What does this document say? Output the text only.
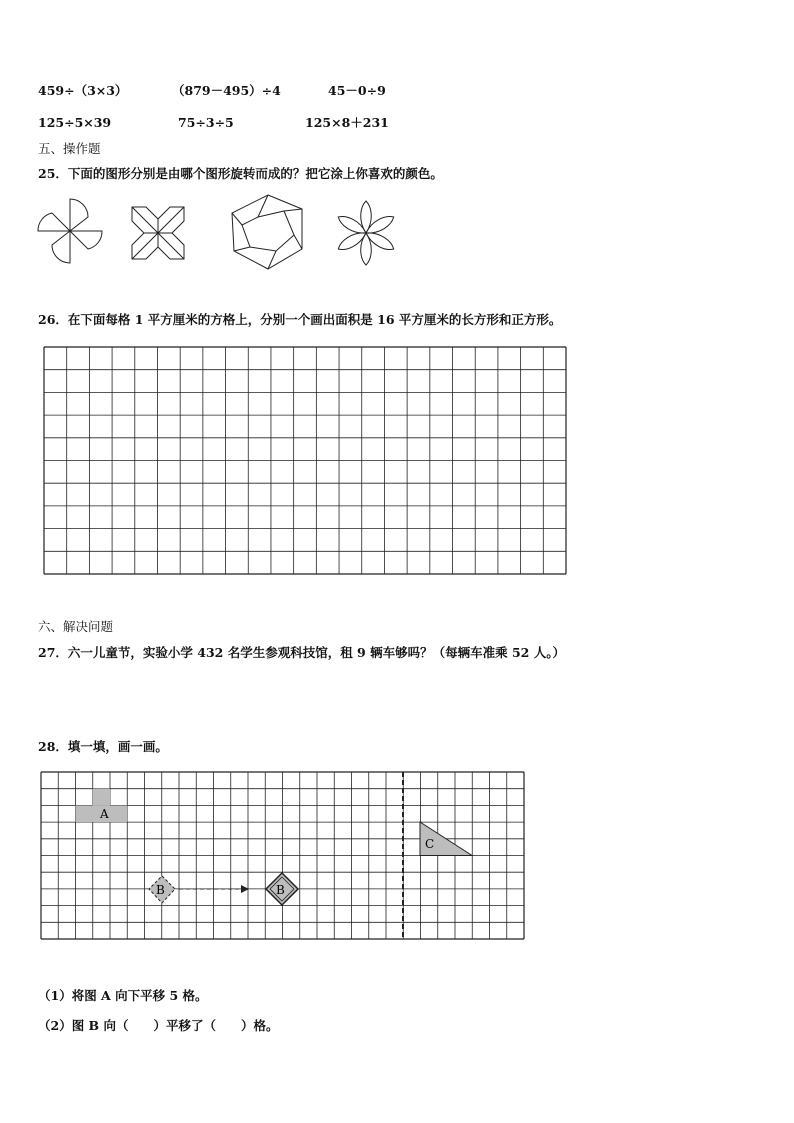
459÷（3×3）	（879－495）÷4	45－0÷9
125÷5×39	75÷3÷5	125×8＋231
五、操作题
25．下面的图形分别是由哪个图形旋转而成的？把它涂上你喜欢的颜色。
26．在下面每格 1 平方厘米的方格上，分别一个画出面积是 16 平方厘米的长方形和正方形。
六、解决问题
27．六一儿童节，实验小学 432 名学生参观科技馆，租 9 辆车够吗？（每辆车准乘 52 人。）
28．填一填，画一画。
A
C
B	B
（1）将图 A 向下平移 5 格。
（2）图 B 向（　　）平移了（　　）格。
